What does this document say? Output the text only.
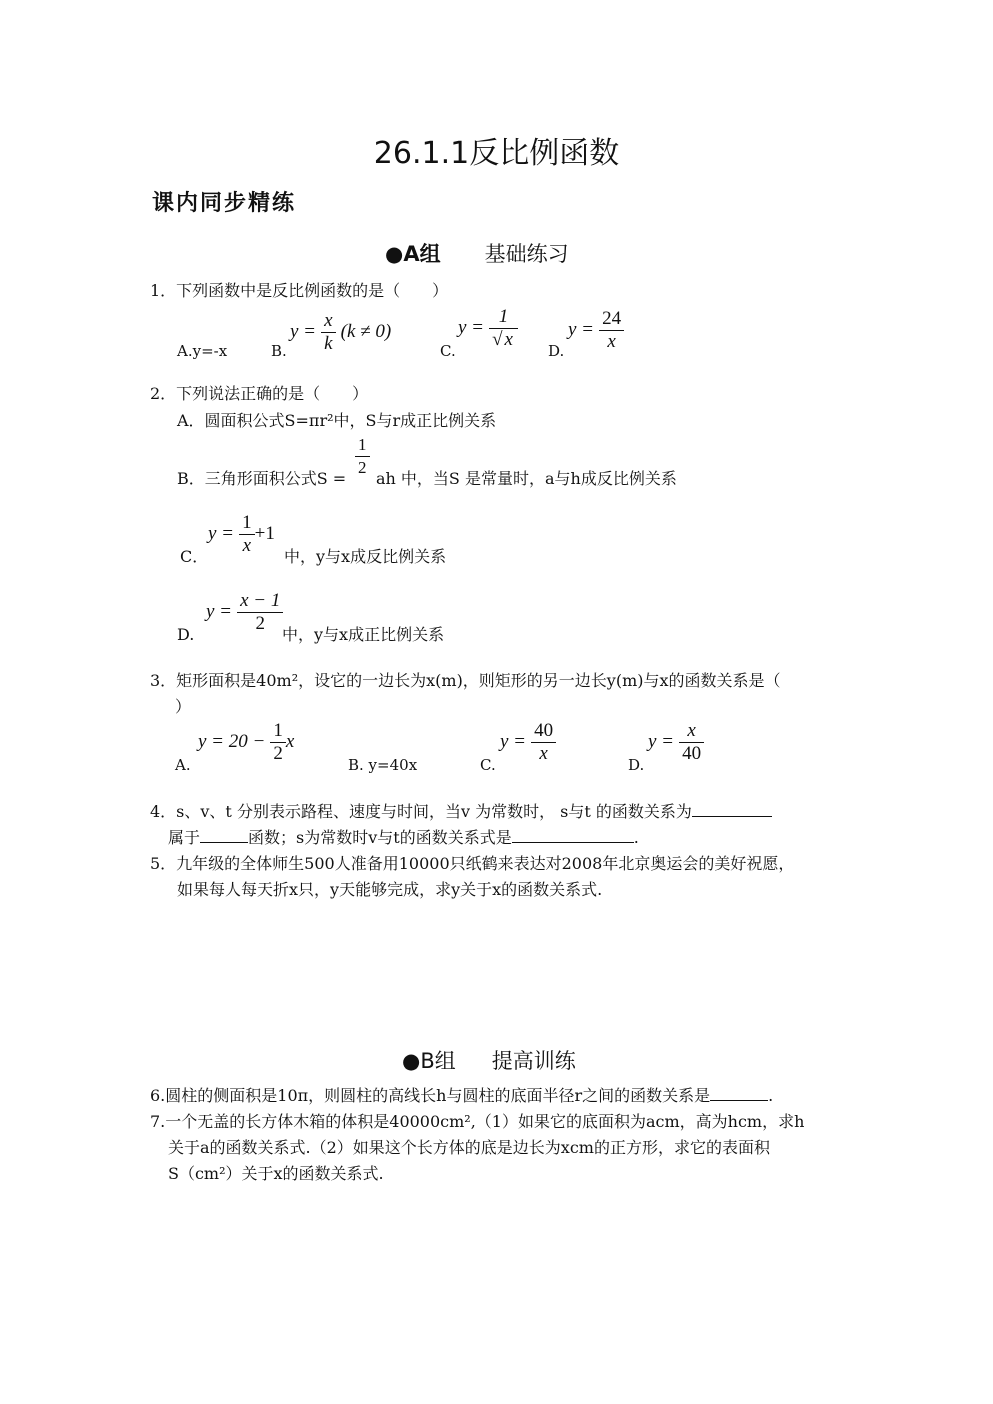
26.1.1反比例函数
课内同步精练
●A组 基础练习
1．下列函数中是反比例函数的是（　　）
A.y=-x	B.
$y = \frac{x}{k} (k \ne 0)$
C.
$y = \frac{1}{√ x} D$.
$y = \frac{24}{x}$
2．下列说法正确的是（　　）
A．圆面积公式S=πr²中，S与r成正比例关系
B．三角形面积公式$S = \frac{1}{2}$ ah 中，当S 是常量时，a与h成反比例关系
C．
$y = \frac{1}{x} +1$
中，y与x成反比例关系
D.
$y = \frac{x - 1}{2}$
中，y与x成正比例关系
3．矩形面积是40m²，设它的一边长为x(m)，则矩形的另一边长y(m)与x的函数关系是（
）
A.
$y = 20 - \frac{1}{2}$ x
B. y=40x	C.
$y = \frac{40}{x}$	D.
$y = \frac{x}{40}$
4．s、v、t 分别表示路程、速度与时间，当v 为常数时， s与t 的函数关系为
属于	函数；s为常数时v与t的函数关系式是	.
5．九年级的全体师生500人准备用10000只纸鹤来表达对2008年北京奥运会的美好祝愿，
如果每人每天折x只，y天能够完成，求y关于x的函数关系式.
●B组 提高训练
6.圆柱的侧面积是10π，则圆柱的高线长h与圆柱的底面半径r之间的函数关系是	.
7.一个无盖的长方体木箱的体积是40000cm²,（1）如果它的底面积为acm，高为hcm，求h
关于a的函数关系式.（2）如果这个长方体的底是边长为xcm的正方形，求它的表面积
S（cm²）关于x的函数关系式.
